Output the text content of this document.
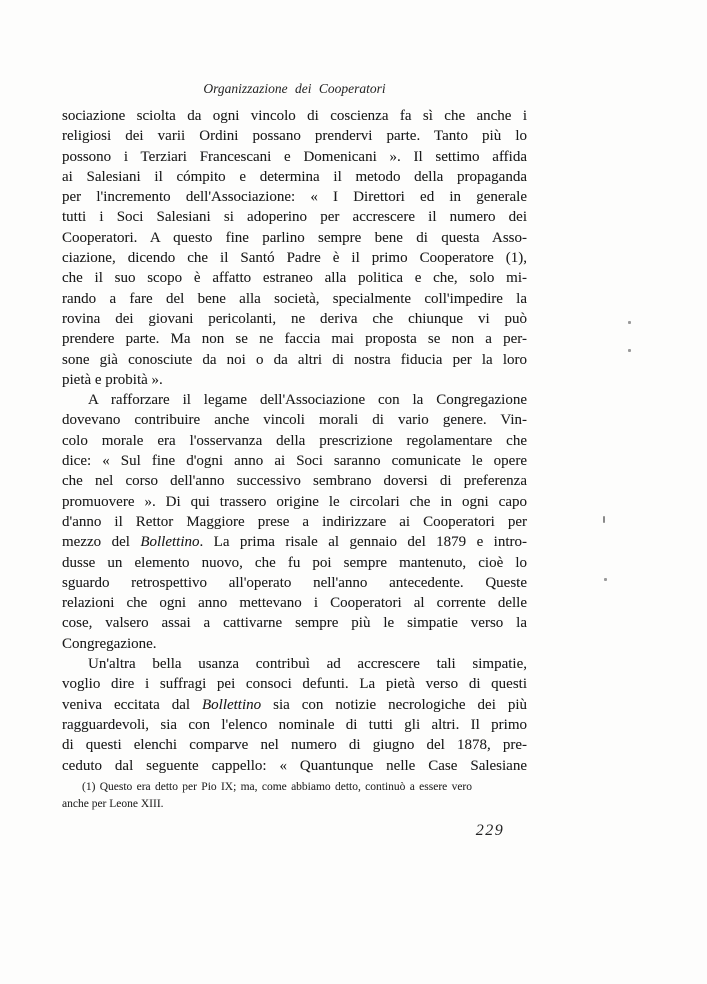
Organizzazione dei Cooperatori
sociazione sciolta da ogni vincolo di coscienza fa sì che anche i
religiosi dei varii Ordini possano prendervi parte. Tanto più lo
possono i Terziari Francescani e Domenicani ». Il settimo affida
ai Salesiani il cómpito e determina il metodo della propaganda
per l'incremento dell'Associazione: « I Direttori ed in generale
tutti i Soci Salesiani si adoperino per accrescere il numero dei
Cooperatori. A questo fine parlino sempre bene di questa Asso-
ciazione, dicendo che il Santó Padre è il primo Cooperatore (1),
che il suo scopo è affatto estraneo alla politica e che, solo mi-
rando a fare del bene alla società, specialmente coll'impedire la
rovina dei giovani pericolanti, ne deriva che chiunque vi può
prendere parte. Ma non se ne faccia mai proposta se non a per-
sone già conosciute da noi o da altri di nostra fiducia per la loro
pietà e probità ».
A rafforzare il legame dell'Associazione con la Congregazione
dovevano contribuire anche vincoli morali di vario genere. Vin-
colo morale era l'osservanza della prescrizione regolamentare che
dice: « Sul fine d'ogni anno ai Soci saranno comunicate le opere
che nel corso dell'anno successivo sembrano doversi di preferenza
promuovere ». Di qui trassero origine le circolari che in ogni capo
d'anno il Rettor Maggiore prese a indirizzare ai Cooperatori per
mezzo del Bollettino. La prima risale al gennaio del 1879 e intro-
dusse un elemento nuovo, che fu poi sempre mantenuto, cioè lo
sguardo retrospettivo all'operato nell'anno antecedente. Queste
relazioni che ogni anno mettevano i Cooperatori al corrente delle
cose, valsero assai a cattivarne sempre più le simpatie verso la
Congregazione.
Un'altra bella usanza contribuì ad accrescere tali simpatie,
voglio dire i suffragi pei consoci defunti. La pietà verso di questi
veniva eccitata dal Bollettino sia con notizie necrologiche dei più
ragguardevoli, sia con l'elenco nominale di tutti gli altri. Il primo
di questi elenchi comparve nel numero di giugno del 1878, pre-
ceduto dal seguente cappello: « Quantunque nelle Case Salesiane
(1) Questo era detto per Pio IX; ma, come abbiamo detto, continuò a essere vero
anche per Leone XIII.
229
